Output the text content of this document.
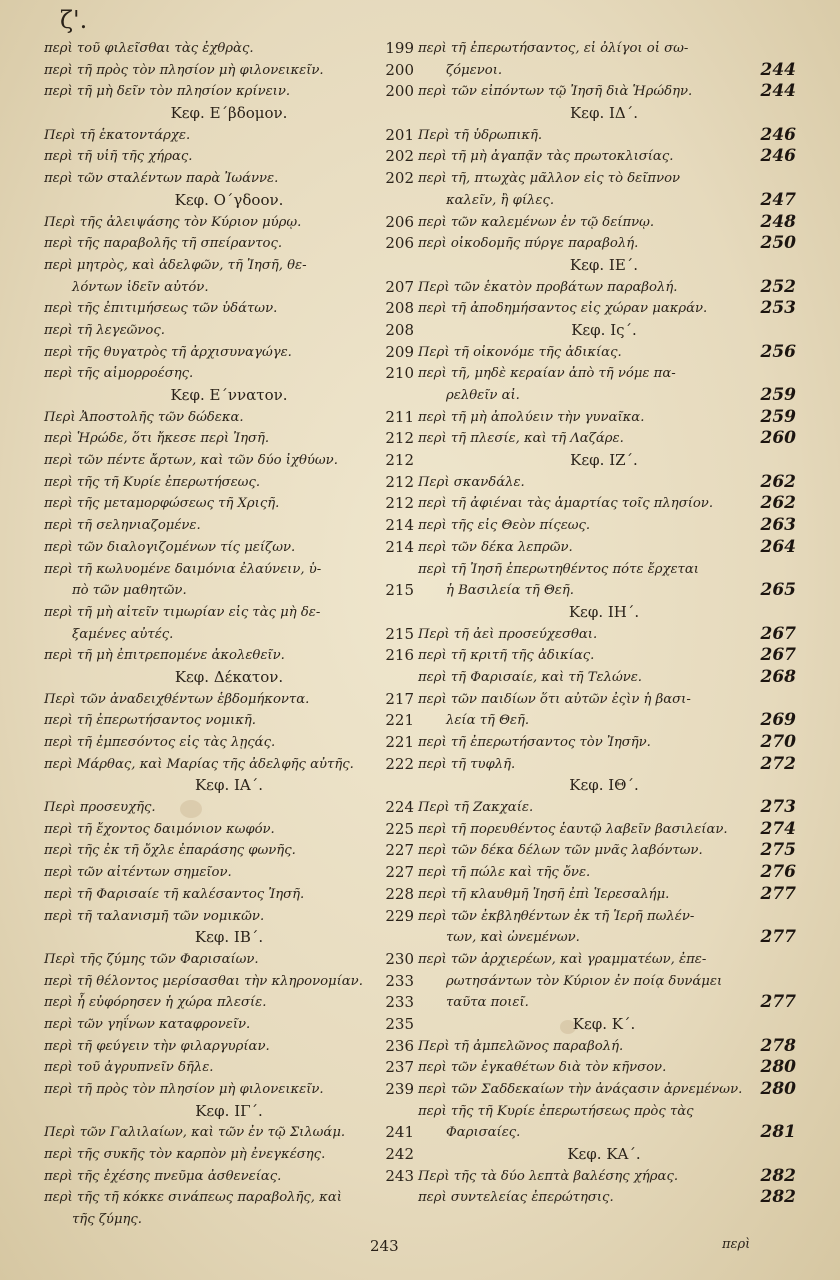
ζ'.
περὶ τοῦ φιλεῖσθαι τὰς ἐχθρὰς.	199
περὶ τῆ πρὸς τὸν πλησίον μὴ φιλονεικεῖν.	200
περὶ τῆ μὴ δεῖν τὸν πλησίον κρίνειν.	200
Κεφ. Ε΄βδομον.
Περὶ τῆ ἑκατοντάρχε.	201
περὶ τῆ υἱῆ τῆς χήρας.	202
περὶ τῶν σταλέντων παρὰ Ἰωάννε.	202
Κεφ. Ο΄γδοον.
Περὶ τῆς ἀλειψάσης τὸν Κύριον μύρῳ.	206
περὶ τῆς παραβολῆς τῆ σπείραντος.	206
περὶ μητρὸς, καὶ ἀδελφῶν, τῆ Ἰησῆ, θε-
λόντων ἰδεῖν αὐτόν.	207
περὶ τῆς ἐπιτιμήσεως τῶν ὑδάτων.	208
περὶ τῆ λεγεῶνος.	208
περὶ τῆς θυγατρὸς τῆ ἀρχισυναγώγε.	209
περὶ τῆς αἱμορροέσης.	210
Κεφ. Ε΄ννατον.
Περὶ Ἀποστολῆς τῶν δώδεκα.	211
περὶ Ἡρώδε, ὅτι ἤκεσε περὶ Ἰησῆ.	212
περὶ τῶν πέντε ἄρτων, καὶ τῶν δύο ἰχθύων.	212
περὶ τῆς τῆ Κυρίε ἐπερωτήσεως.	212
περὶ τῆς μεταμορφώσεως τῆ Χριςῆ.	212
περὶ τῆ σεληνιαζομένε.	214
περὶ τῶν διαλογιζομένων τίς μείζων.	214
περὶ τῆ κωλυομένε δαιμόνια ἐλαύνειν, ὑ-
πὸ τῶν μαθητῶν.	215
περὶ τῆ μὴ αἰτεῖν τιμωρίαν εἰς τὰς μὴ δε-
ξαμένες αὐτές.	215
περὶ τῆ μὴ ἐπιτρεπομένε ἀκολεθεῖν.	216
Κεφ. Δέκατον.
Περὶ τῶν ἀναδειχθέντων ἑβδομήκοντα.	217
περὶ τῆ ἐπερωτήσαντος νομικῆ.	221
περὶ τῆ ἐμπεσόντος εἰς τὰς λῃςάς.	221
περὶ Μάρθας, καὶ Μαρίας τῆς ἀδελφῆς αὐτῆς. 222
Κεφ. ΙΑ΄.
Περὶ προσευχῆς.	224
περὶ τῆ ἔχοντος δαιμόνιον κωφόν.	225
περὶ τῆς ἐκ τῆ ὄχλε ἐπαράσης φωνῆς.	227
περὶ τῶν αἰτέντων σημεῖον.	227
περὶ τῆ Φαρισαίε τῆ καλέσαντος Ἰησῆ.	228
περὶ τῆ ταλανισμῆ τῶν νομικῶν.	229
Κεφ. ΙΒ΄.
Περὶ τῆς ζύμης τῶν Φαρισαίων.	230
περὶ τῆ θέλοντος μερίσασθαι τὴν κληρονομίαν. 233
περὶ ἧ εὐφόρησεν ἡ χώρα πλεσίε.	233
περὶ τῶν γηΐνων καταφρονεῖν.	235
περὶ τῆ φεύγειν τὴν φιλαργυρίαν.	236
περὶ τοῦ ἀγρυπνεῖν δῆλε.	237
περὶ τῆ πρὸς τὸν πλησίον μὴ φιλονεικεῖν.	239
Κεφ. ΙΓ΄.
Περὶ τῶν Γαλιλαίων, καὶ τῶν ἐν τῷ Σιλωάμ.	241
περὶ τῆς συκῆς τὸν καρπὸν μὴ ἐνεγκέσης.	242
περὶ τῆς ἐχέσης πνεῦμα ἀσθενείας.	243
περὶ τῆς τῆ κόκκε σινάπεως παραβολῆς, καὶ
τῆς ζύμης.
περὶ τῆ ἐπερωτήσαντος, εἰ ὀλίγοι οἱ σω-
ζόμενοι.	244
περὶ τῶν εἰπόντων τῷ Ἰησῆ διὰ Ἡρώδην.	244
Κεφ. ΙΔ΄.
Περὶ τῆ ὑδρωπικῆ.	246
περὶ τῆ μὴ ἀγαπᾷν τὰς πρωτοκλισίας.	246
περὶ τῆ, πτωχὰς μᾶλλον εἰς τὸ δεῖπνον
καλεῖν, ἢ φίλες.	247
περὶ τῶν καλεμένων ἐν τῷ δείπνῳ.	248
περὶ οἰκοδομῆς πύργε παραβολή.	250
Κεφ. ΙΕ΄.
Περὶ τῶν ἑκατὸν προβάτων παραβολή.	252
περὶ τῆ ἀποδημήσαντος εἰς χώραν μακράν.	253
Κεφ. Ις΄.
Περὶ τῆ οἰκονόμε τῆς ἀδικίας.	256
περὶ τῆ, μηδὲ κεραίαν ἀπὸ τῆ νόμε πα-
ρελθεῖν αἰ.	259
περὶ τῆ μὴ ἀπολύειν τὴν γυναῖκα.	259
περὶ τῆ πλεσίε, καὶ τῆ Λαζάρε.	260
Κεφ. ΙΖ΄.
Περὶ σκανδάλε.	262
περὶ τῆ ἀφιέναι τὰς ἁμαρτίας τοῖς πλησίον.	262
περὶ τῆς εἰς Θεὸν πίςεως.	263
περὶ τῶν δέκα λεπρῶν.	264
περὶ τῆ Ἰησῆ ἐπερωτηθέντος πότε ἔρχεται
ἡ Βασιλεία τῆ Θεῆ.	265
Κεφ. ΙΗ΄.
Περὶ τῆ ἀεὶ προσεύχεσθαι.	267
περὶ τῆ κριτῆ τῆς ἀδικίας.	267
περὶ τῆ Φαρισαίε, καὶ τῆ Τελώνε.	268
περὶ τῶν παιδίων ὅτι αὐτῶν ἐςὶν ἡ βασι-
λεία τῆ Θεῆ.	269
περὶ τῆ ἐπερωτήσαντος τὸν Ἰησῆν.	270
περὶ τῆ τυφλῆ.	272
Κεφ. ΙΘ΄.
Περὶ τῆ Ζακχαίε.	273
περὶ τῆ πορευθέντος ἑαυτῷ λαβεῖν βασιλείαν. 274
περὶ τῶν δέκα δέλων τῶν μνᾶς λαβόντων.	275
περὶ τῆ πώλε καὶ τῆς ὄνε.	276
περὶ τῆ κλαυθμῆ Ἰησῆ ἐπὶ Ἱερεσαλήμ.	277
περὶ τῶν ἐκβληθέντων ἐκ τῆ Ἱερῆ πωλέν-
των, καὶ ὠνεμένων.	277
περὶ τῶν ἀρχιερέων, καὶ γραμματέων, ἐπε-
ρωτησάντων τὸν Κύριον ἐν ποίᾳ δυνάμει
ταῦτα ποιεῖ.	277
Κεφ. Κ΄.
Περὶ τῆ ἀμπελῶνος παραβολή.	278
περὶ τῶν ἐγκαθέτων διὰ τὸν κῆνσον.	280
περὶ τῶν Σαδδεκαίων τὴν ἀνάςασιν ἀρνεμένων. 280
περὶ τῆς τῆ Κυρίε ἐπερωτήσεως πρὸς τὰς
Φαρισαίες.	281
Κεφ. ΚΑ΄.
Περὶ τῆς τὰ δύο λεπτὰ βαλέσης χήρας.	282
περὶ συντελείας ἐπερώτησις.	282
243	περὶ
